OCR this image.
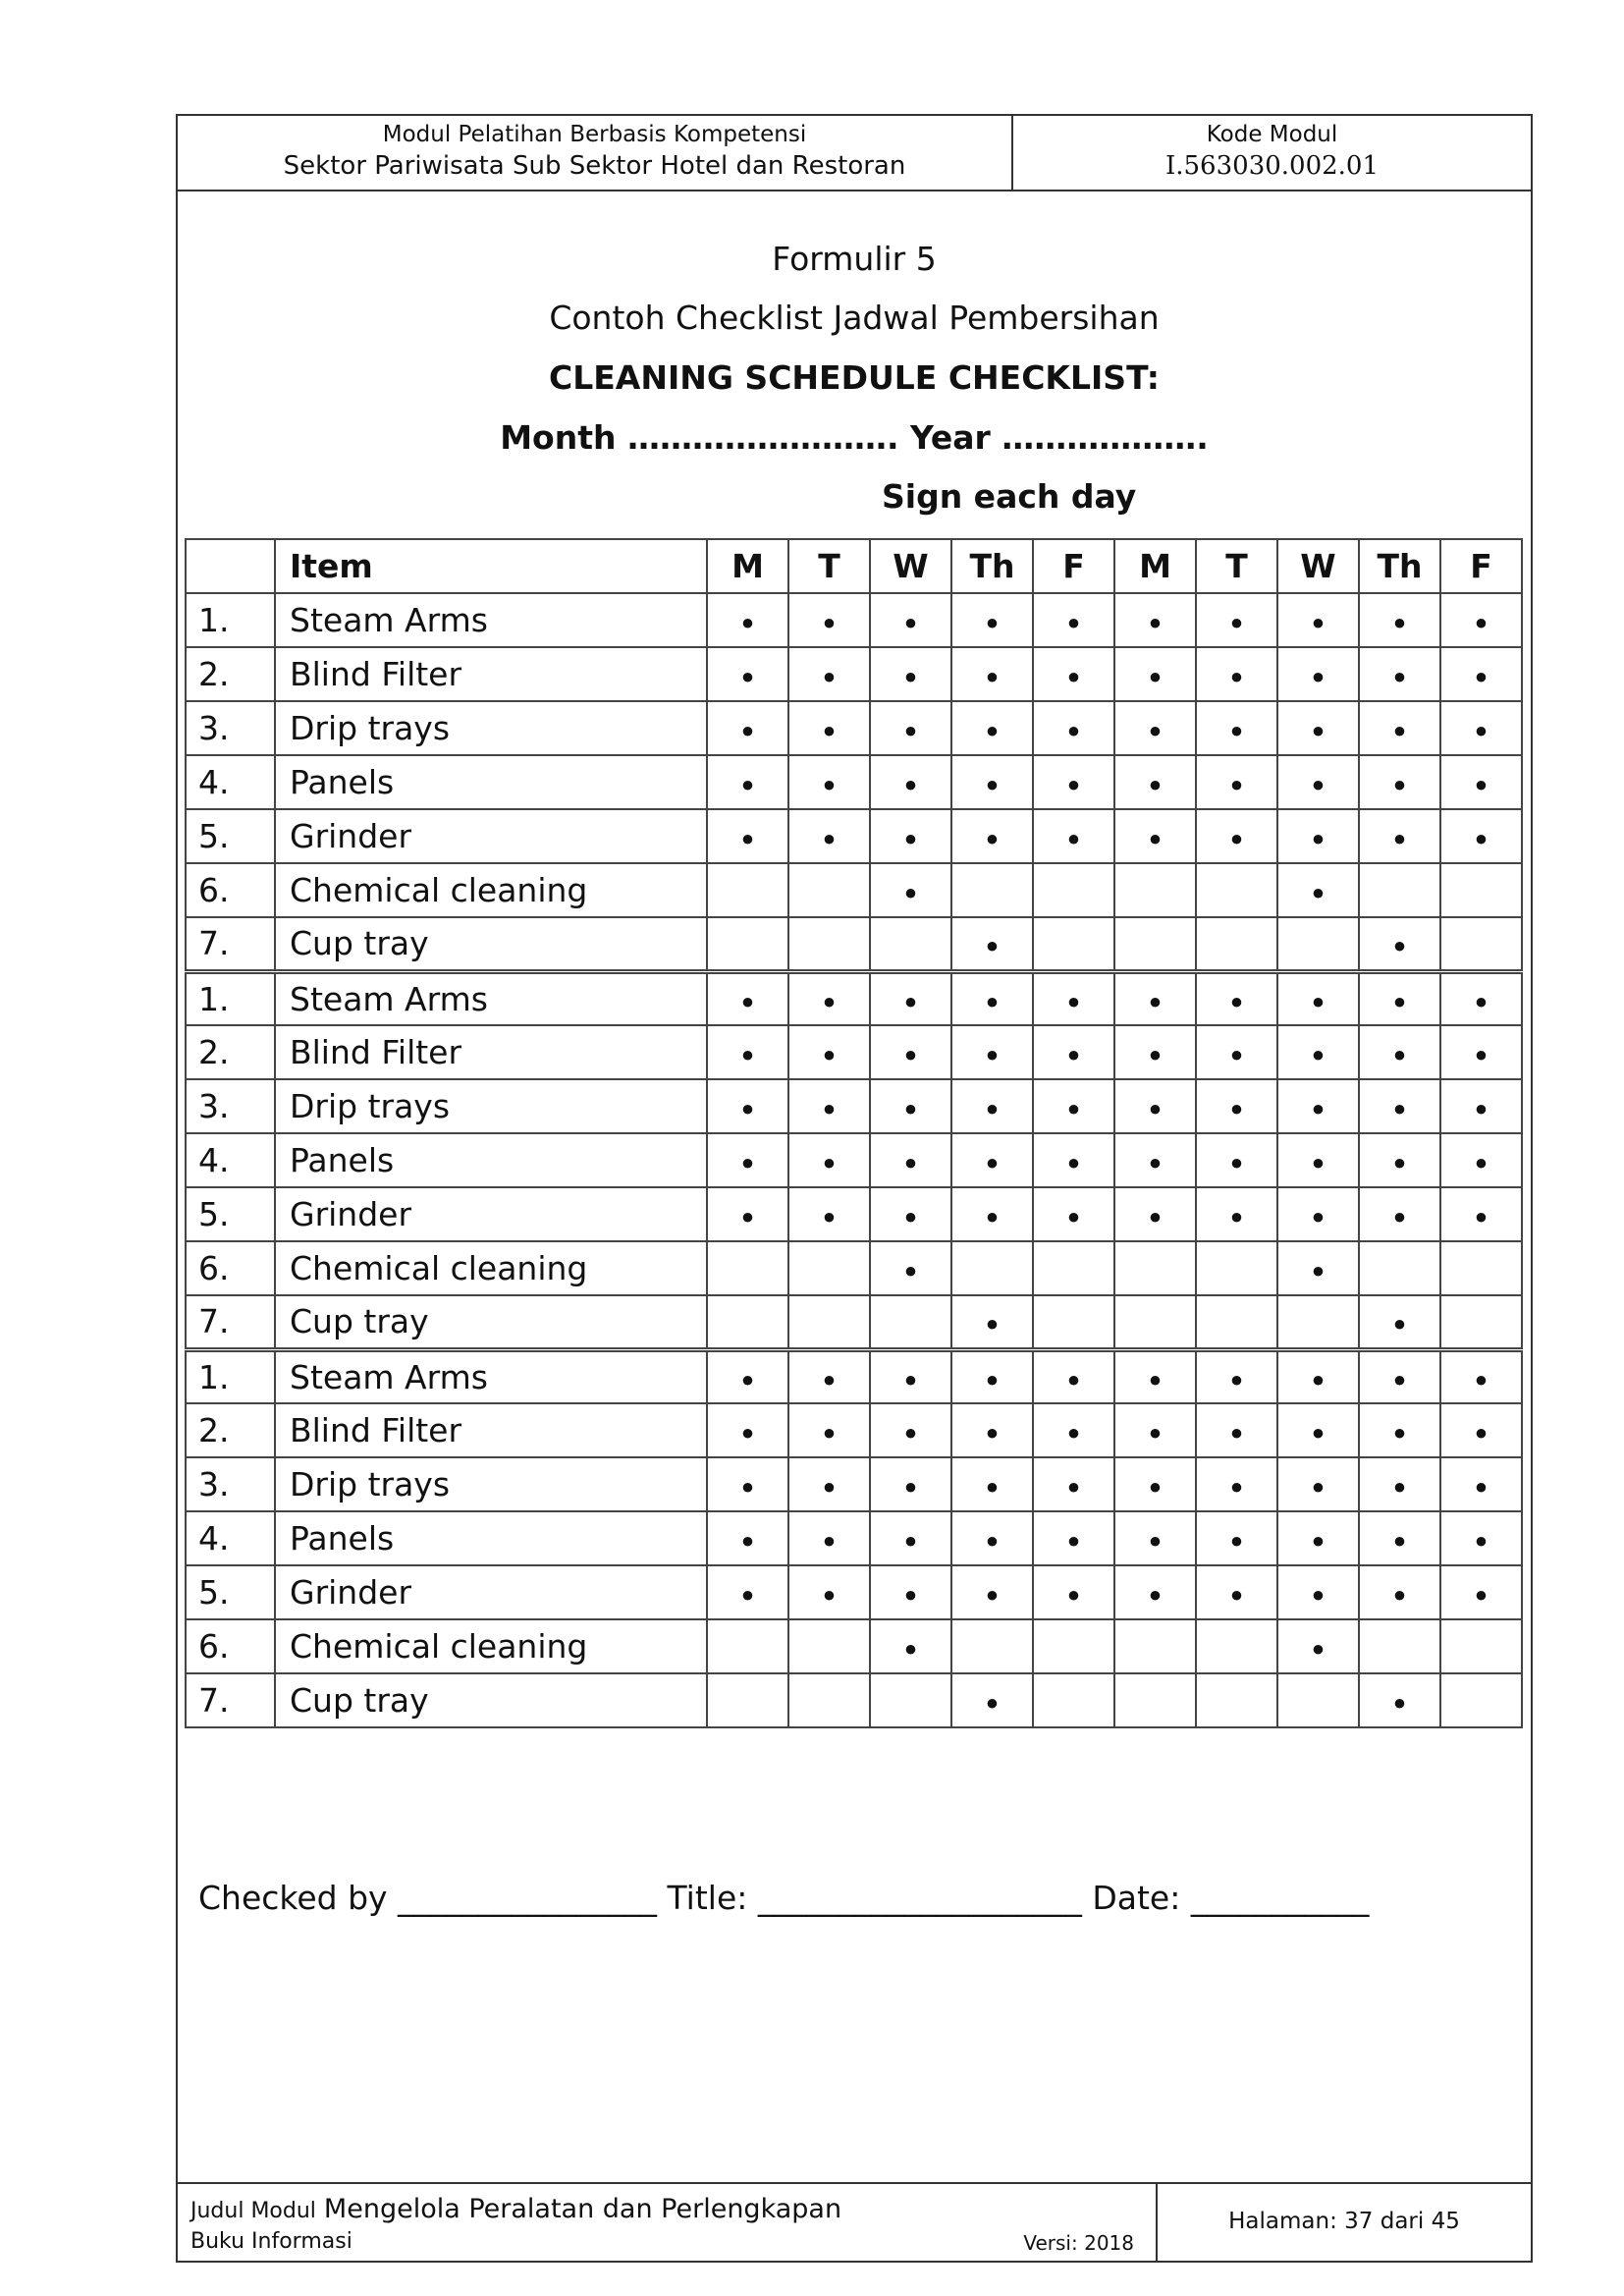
Modul Pelatihan Berbasis Kompetensi
Sektor Pariwisata Sub Sektor Hotel dan Restoran
Kode Modul
I.563030.002.01
Formulir 5
Contoh Checklist Jadwal Pembersihan
CLEANING SCHEDULE CHECKLIST:
Month ……………………. Year ……………….
Sign each day
	Item	M	T	W	Th	F	M	T	W	Th	F
1.	Steam Arms	•	•	•	•	•	•	•	•	•	•
2.	Blind Filter	•	•	•	•	•	•	•	•	•	•
3.	Drip trays	•	•	•	•	•	•	•	•	•	•
4.	Panels	•	•	•	•	•	•	•	•	•	•
5.	Grinder	•	•	•	•	•	•	•	•	•	•
6.	Chemical cleaning			•					•		
7.	Cup tray				•					•	
1.	Steam Arms	•	•	•	•	•	•	•	•	•	•
2.	Blind Filter	•	•	•	•	•	•	•	•	•	•
3.	Drip trays	•	•	•	•	•	•	•	•	•	•
4.	Panels	•	•	•	•	•	•	•	•	•	•
5.	Grinder	•	•	•	•	•	•	•	•	•	•
6.	Chemical cleaning			•					•		
7.	Cup tray				•					•	
1.	Steam Arms	•	•	•	•	•	•	•	•	•	•
2.	Blind Filter	•	•	•	•	•	•	•	•	•	•
3.	Drip trays	•	•	•	•	•	•	•	•	•	•
4.	Panels	•	•	•	•	•	•	•	•	•	•
5.	Grinder	•	•	•	•	•	•	•	•	•	•
6.	Chemical cleaning			•					•		
7.	Cup tray				•					•	
Checked by ________________ Title: ____________________ Date: ___________
Judul Modul Mengelola Peralatan dan Perlengkapan
Buku Informasi	Versi: 2018
Halaman: 37 dari 45
